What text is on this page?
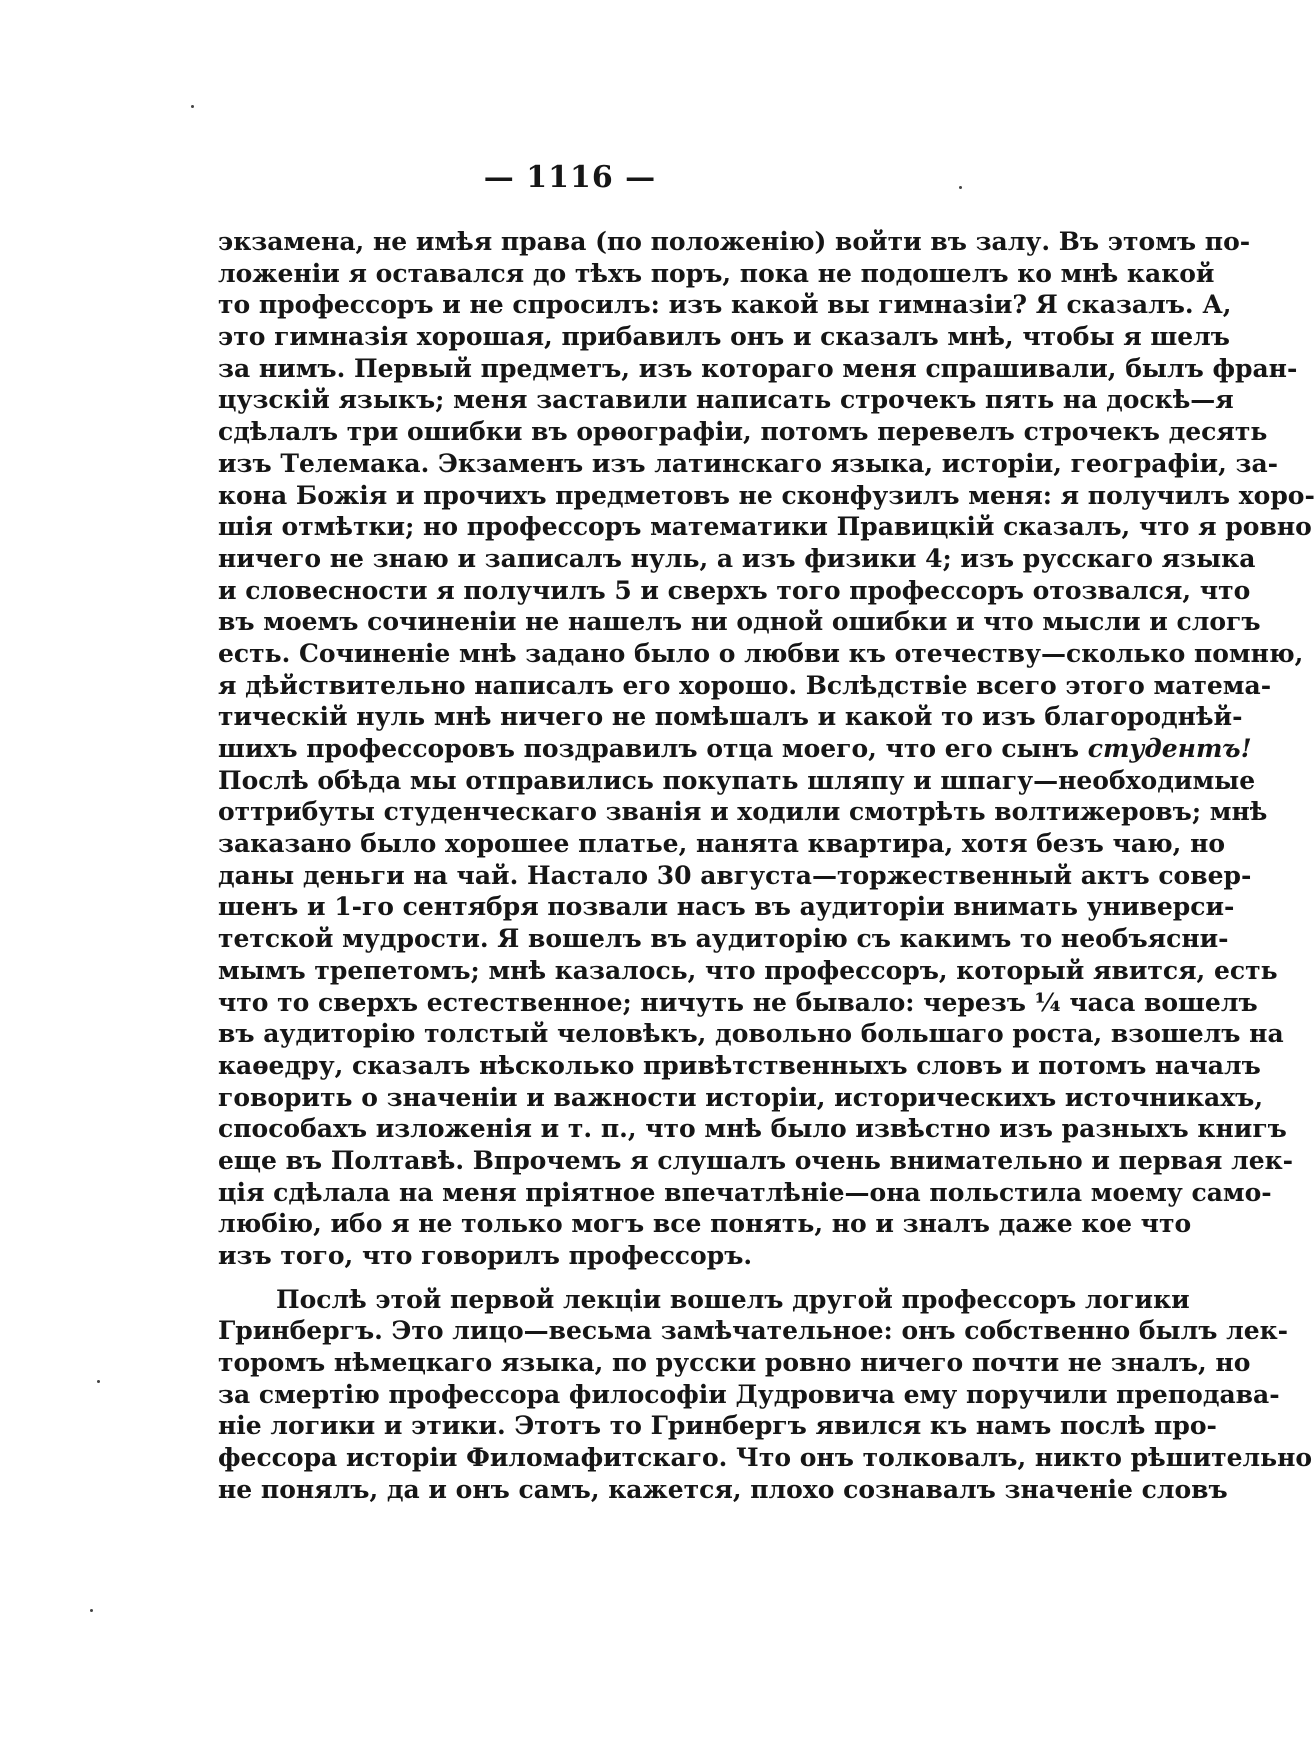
— 1116 —
экзамена, не имѣя права (по положенію) войти въ залу. Въ этомъ по-
ложеніи я оставался до тѣхъ поръ, пока не подошелъ ко мнѣ какой
то профессоръ и не спросилъ: изъ какой вы гимназіи? Я сказалъ. А,
это гимназія хорошая, прибавилъ онъ и сказалъ мнѣ, чтобы я шелъ
за нимъ. Первый предметъ, изъ котораго меня спрашивали, былъ фран-
цузскій языкъ; меня заставили написать строчекъ пять на доскѣ—я
сдѣлалъ три ошибки въ орѳографіи, потомъ перевелъ строчекъ десять
изъ Телемака. Экзаменъ изъ латинскаго языка, исторіи, географіи, за-
кона Божія и прочихъ предметовъ не сконфузилъ меня: я получилъ хоро-
шія отмѣтки; но профессоръ математики Правицкій сказалъ, что я ровно
ничего не знаю и записалъ нуль, а изъ физики 4; изъ русскаго языка
и словесности я получилъ 5 и сверхъ того профессоръ отозвался, что
въ моемъ сочиненіи не нашелъ ни одной ошибки и что мысли и слогъ
есть. Сочиненіе мнѣ задано было о любви къ отечеству—сколько помню,
я дѣйствительно написалъ его хорошо. Вслѣдствіе всего этого матема-
тическій нуль мнѣ ничего не помѣшалъ и какой то изъ благороднѣй-
шихъ профессоровъ поздравилъ отца моего, что его сынъ студентъ!
Послѣ обѣда мы отправились покупать шляпу и шпагу—необходимые
оттрибуты студенческаго званія и ходили смотрѣть волтижеровъ; мнѣ
заказано было хорошее платье, нанята квартира, хотя безъ чаю, но
даны деньги на чай. Настало 30 августа—торжественный актъ совер-
шенъ и 1-го сентября позвали насъ въ аудиторіи внимать универси-
тетской мудрости. Я вошелъ въ аудиторію съ какимъ то необъясни-
мымъ трепетомъ; мнѣ казалось, что профессоръ, который явится, есть
что то сверхъ естественное; ничуть не бывало: черезъ ¼ часа вошелъ
въ аудиторію толстый человѣкъ, довольно большаго роста, взошелъ на
каѳедру, сказалъ нѣсколько привѣтственныхъ словъ и потомъ началъ
говорить о значеніи и важности исторіи, историческихъ источникахъ,
способахъ изложенія и т. п., что мнѣ было извѣстно изъ разныхъ книгъ
еще въ Полтавѣ. Впрочемъ я слушалъ очень внимательно и первая лек-
ція сдѣлала на меня пріятное впечатлѣніе—она польстила моему само-
любію, ибо я не только могъ все понять, но и зналъ даже кое что
изъ того, что говорилъ профессоръ.
Послѣ этой первой лекціи вошелъ другой профессоръ логики
Гринбергъ. Это лицо—весьма замѣчательное: онъ собственно былъ лек-
торомъ нѣмецкаго языка, по русски ровно ничего почти не зналъ, но
за смертію профессора философіи Дудровича ему поручили преподава-
ніе логики и этики. Этотъ то Гринбергъ явился къ намъ послѣ про-
фессора исторіи Филомафитскаго. Что онъ толковалъ, никто рѣшительно
не понялъ, да и онъ самъ, кажется, плохо сознавалъ значеніе словъ
